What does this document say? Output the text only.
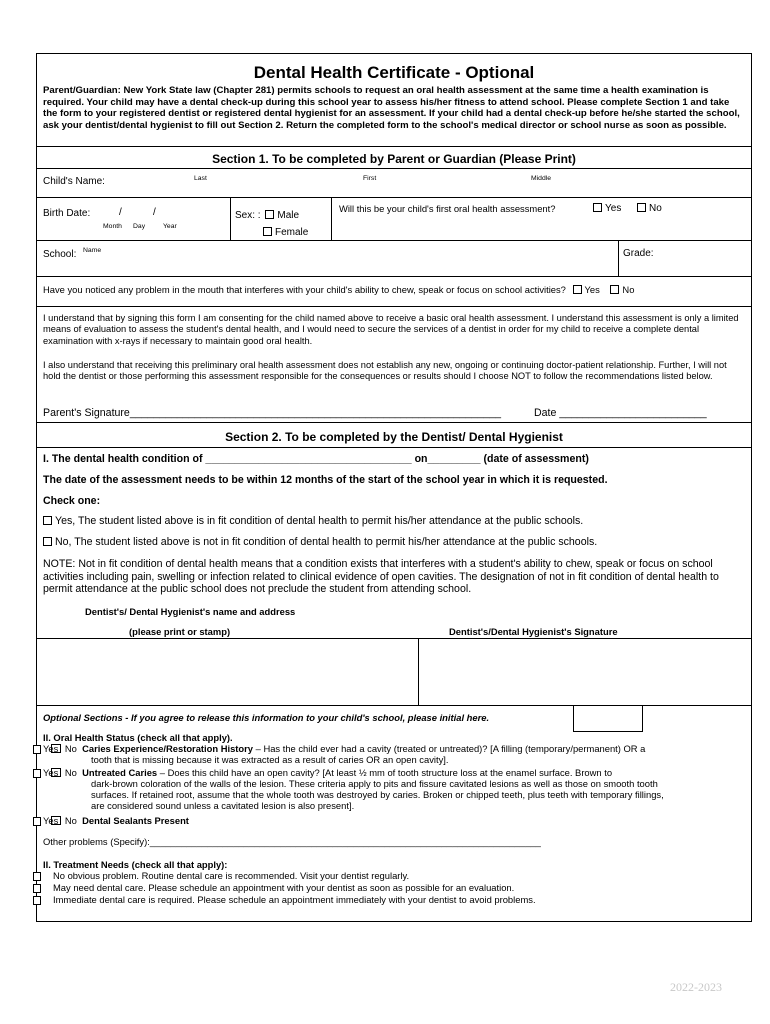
Dental Health Certificate - Optional
Parent/Guardian: New York State law (Chapter 281) permits schools to request an oral health assessment at the same time a health examination is required. Your child may have a dental check-up during this school year to assess his/her fitness to attend school. Please complete Section 1 and take the form to your registered dentist or registered dental hygienist for an assessment. If your child had a dental check-up before he/she started the school, ask your dentist/dental hygienist to fill out Section 2. Return the completed form to the school's medical director or school nurse as soon as possible.
Section 1. To be completed by Parent or Guardian (Please Print)
Child's Name:	Last	First	Middle
Birth Date:	/	/
Month Day	Year
Sex: : Male
Female
Will this be your child's first oral health assessment?	Yes	No
School: Name	Grade:
Have you noticed any problem in the mouth that interferes with your child's ability to chew, speak or focus on school activities? Yes No
I understand that by signing this form I am consenting for the child named above to receive a basic oral health assessment. I understand this assessment is only a limited means of evaluation to assess the student's dental health, and I would need to secure the services of a dentist in order for my child to receive a complete dental examination with x-rays if necessary to maintain good oral health.
I also understand that receiving this preliminary oral health assessment does not establish any new, ongoing or continuing doctor-patient relationship. Further, I will not hold the dentist or those performing this assessment responsible for the consequences or results should I choose NOT to follow the recommendations listed below.
Parent's Signature_______________________________________________________________	Date _________________________
Section 2. To be completed by the Dentist/ Dental Hygienist
I. The dental health condition of ___________________________________ on_________ (date of assessment)
The date of the assessment needs to be within 12 months of the start of the school year in which it is requested.
Check one:
Yes, The student listed above is in fit condition of dental health to permit his/her attendance at the public schools.
No, The student listed above is not in fit condition of dental health to permit his/her attendance at the public schools.
NOTE: Not in fit condition of dental health means that a condition exists that interferes with a student's ability to chew, speak or focus on school activities including pain, swelling or infection related to clinical evidence of open cavities. The designation of not in fit condition of dental health to permit attendance at the public school does not preclude the student from attending school.
Dentist's/ Dental Hygienist's name and address
(please print or stamp)	Dentist's/Dental Hygienist's Signature
Optional Sections - If you agree to release this information to your child's school, please initial here.
II. Oral Health Status (check all that apply).
Yes No Caries Experience/Restoration History – Has the child ever had a cavity (treated or untreated)? [A filling (temporary/permanent) OR a
tooth that is missing because it was extracted as a result of caries OR an open cavity].
Yes No Untreated Caries – Does this child have an open cavity? [At least ½ mm of tooth structure loss at the enamel surface. Brown to
dark-brown coloration of the walls of the lesion. These criteria apply to pits and fissure cavitated lesions as well as those on smooth tooth
surfaces. If retained root, assume that the whole tooth was destroyed by caries. Broken or chipped teeth, plus teeth with temporary fillings,
are considered sound unless a cavitated lesion is also present].
Yes No Dental Sealants Present
Other problems (Specify):___________________________________________________________________________
II. Treatment Needs (check all that apply):
No obvious problem. Routine dental care is recommended. Visit your dentist regularly.
May need dental care. Please schedule an appointment with your dentist as soon as possible for an evaluation.
Immediate dental care is required. Please schedule an appointment immediately with your dentist to avoid problems.
2022-2023
